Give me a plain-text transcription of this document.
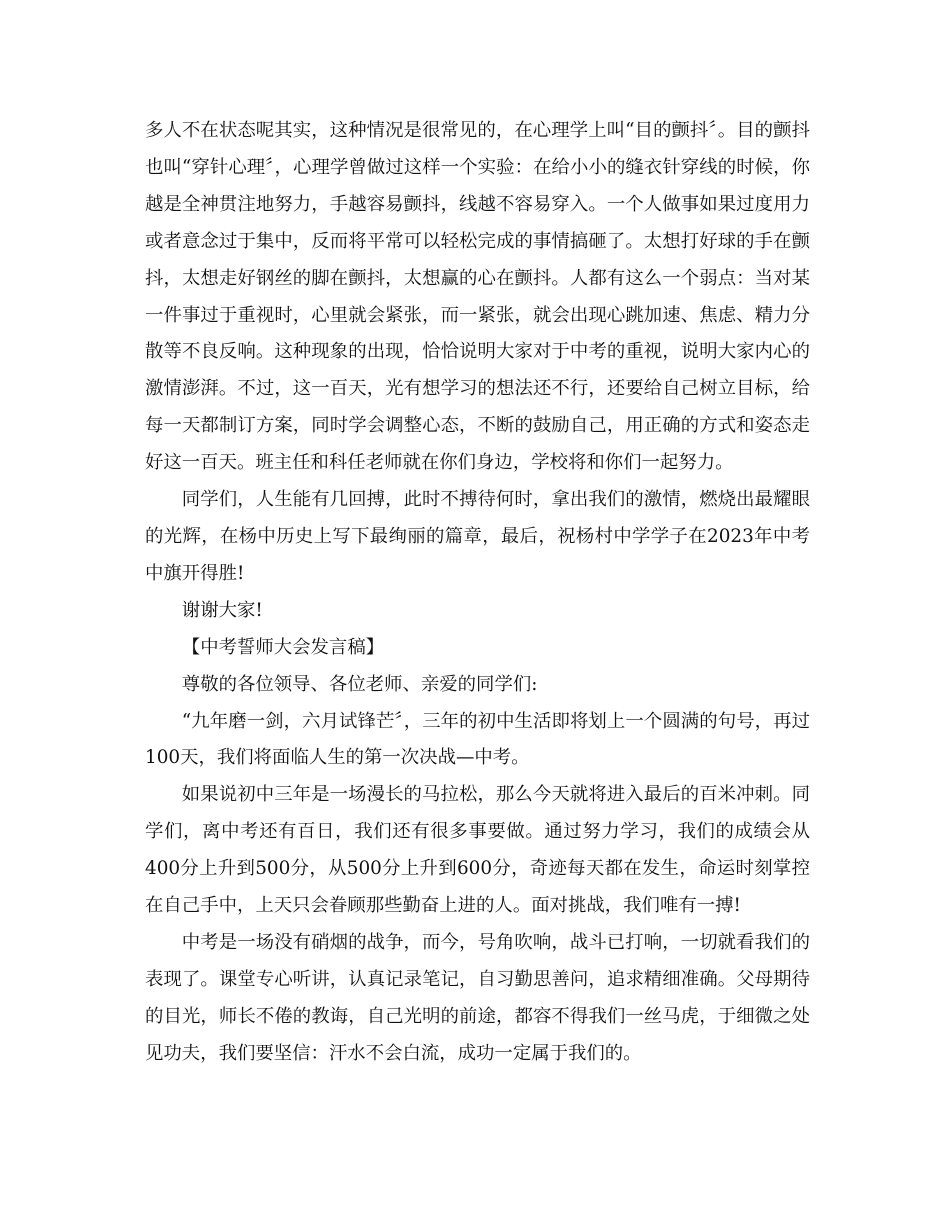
多人不在状态呢其实，这种情况是很常见的，在心理学上叫“目的颤抖〞。目的颤抖也叫“穿针心理〞，心理学曾做过这样一个实验：在给小小的缝衣针穿线的时候，你越是全神贯注地努力，手越容易颤抖，线越不容易穿入。一个人做事如果过度用力或者意念过于集中，反而将平常可以轻松完成的事情搞砸了。太想打好球的手在颤抖，太想走好钢丝的脚在颤抖，太想赢的心在颤抖。人都有这么一个弱点：当对某一件事过于重视时，心里就会紧张，而一紧张，就会出现心跳加速、焦虑、精力分散等不良反响。这种现象的出现，恰恰说明大家对于中考的重视，说明大家内心的激情澎湃。不过，这一百天，光有想学习的想法还不行，还要给自己树立目标，给每一天都制订方案，同时学会调整心态，不断的鼓励自己，用正确的方式和姿态走好这一百天。班主任和科任老师就在你们身边，学校将和你们一起努力。

同学们，人生能有几回搏，此时不搏待何时，拿出我们的激情，燃烧出最耀眼的光辉，在杨中历史上写下最绚丽的篇章，最后，祝杨村中学学子在2023年中考中旗开得胜!

谢谢大家!

【中考誓师大会发言稿】

尊敬的各位领导、各位老师、亲爱的同学们:

“九年磨一剑，六月试锋芒〞，三年的初中生活即将划上一个圆满的句号，再过100天，我们将面临人生的第一次决战—中考。

如果说初中三年是一场漫长的马拉松，那么今天就将进入最后的百米冲刺。同学们，离中考还有百日，我们还有很多事要做。通过努力学习，我们的成绩会从400分上升到500分，从500分上升到600分，奇迹每天都在发生，命运时刻掌控在自己手中，上天只会眷顾那些勤奋上进的人。面对挑战，我们唯有一搏!

中考是一场没有硝烟的战争，而今，号角吹响，战斗已打响，一切就看我们的表现了。课堂专心听讲，认真记录笔记，自习勤思善问，追求精细准确。父母期待的目光，师长不倦的教诲，自己光明的前途，都容不得我们一丝马虎，于细微之处见功夫，我们要坚信：汗水不会白流，成功一定属于我们的。
